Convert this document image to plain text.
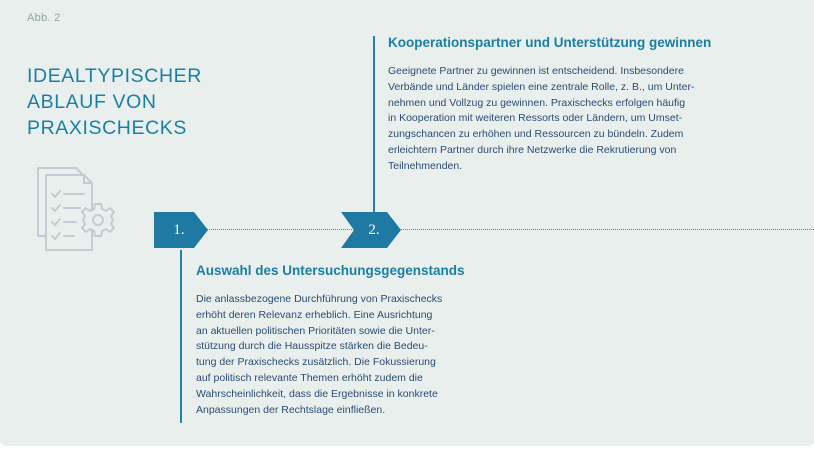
Abb. 2
IDEALTYPISCHER
ABLAUF VON
PRAXISCHECKS
1.	2.
Kooperationspartner und Unterstützung gewinnen
Geeignete Partner zu gewinnen ist entscheidend. Insbesondere
Verbände und Länder spielen eine zentrale Rolle, z. B., um Unter-
nehmen und Vollzug zu gewinnen. Praxischecks erfolgen häufig
in Kooperation mit weiteren Ressorts oder Ländern, um Umset-
zungschancen zu erhöhen und Ressourcen zu bündeln. Zudem
erleichtern Partner durch ihre Netzwerke die Rekrutierung von
Teilnehmenden.
Auswahl des Untersuchungsgegenstands
Die anlassbezogene Durchführung von Praxischecks
erhöht deren Relevanz erheblich. Eine Ausrichtung
an aktuellen politischen Prioritäten sowie die Unter-
stützung durch die Hausspitze stärken die Bedeu-
tung der Praxischecks zusätzlich. Die Fokussierung
auf politisch relevante Themen erhöht zudem die
Wahrscheinlichkeit, dass die Ergebnisse in konkrete
Anpassungen der Rechtslage einfließen.
